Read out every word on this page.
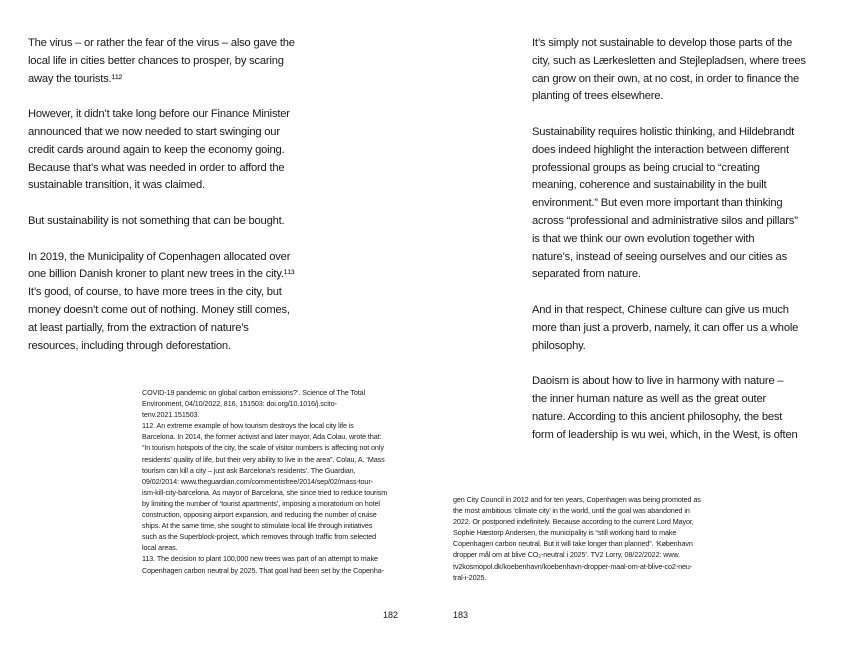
The virus – or rather the fear of the virus – also gave the
local life in cities better chances to prosper, by scaring
away the tourists.¹¹²

However, it didn’t take long before our Finance Minister
announced that we now needed to start swinging our
credit cards around again to keep the economy going.
Because that’s what was needed in order to afford the
sustainable transition, it was claimed.

But sustainability is not something that can be bought.

In 2019, the Municipality of Copenhagen allocated over
one billion Danish kroner to plant new trees in the city.¹¹³
It’s good, of course, to have more trees in the city, but
money doesn’t come out of nothing. Money still comes,
at least partially, from the extraction of nature’s
resources, including through deforestation.

COVID-19 pandemic on global carbon emissions?’. Science of The Total
Environment, 04/10/2022, 816, 151503: doi.org/10.1016/j.scito-
tenv.2021.151503.
112. An extreme example of how tourism destroys the local city life is
Barcelona. In 2014, the former activist and later mayor, Ada Colau, wrote that:
“In tourism hotspots of the city, the scale of visitor numbers is affecting not only
residents’ quality of life, but their very ability to live in the area”. Colau, A. ‘Mass
tourism can kill a city – just ask Barcelona’s residents’. The Guardian,
09/02/2014: www.theguardian.com/commentisfree/2014/sep/02/mass-tour-
ism-kill-city-barcelona. As mayor of Barcelona, she since tried to reduce tourism
by limiting the number of ‘tourist apartments’, imposing a moratorium on hotel
construction, opposing airport expansion, and reducing the number of cruise
ships. At the same time, she sought to stimulate local life through initiatives
such as the Superblock-project, which removes through traffic from selected
local areas.
113. The decision to plant 100,000 new trees was part of an attempt to make
Copenhagen carbon neutral by 2025. That goal had been set by the Copenha-
182

It’s simply not sustainable to develop those parts of the
city, such as Lærkesletten and Stejlepladsen, where trees
can grow on their own, at no cost, in order to finance the
planting of trees elsewhere.

Sustainability requires holistic thinking, and Hildebrandt
does indeed highlight the interaction between different
professional groups as being crucial to “creating
meaning, coherence and sustainability in the built
environment.” But even more important than thinking
across “professional and administrative silos and pillars”
is that we think our own evolution together with
nature’s, instead of seeing ourselves and our cities as
separated from nature.

And in that respect, Chinese culture can give us much
more than just a proverb, namely, it can offer us a whole
philosophy.

Daoism is about how to live in harmony with nature –
the inner human nature as well as the great outer
nature. According to this ancient philosophy, the best
form of leadership is wu wei, which, in the West, is often

gen City Council in 2012 and for ten years, Copenhagen was being promoted as
the most ambitious ‘climate city’ in the world, until the goal was abandoned in
2022. Or postponed indefinitely. Because according to the current Lord Mayor,
Sophie Hæstorp Andersen, the municipality is “still working hard to make
Copenhagen carbon neutral. But it will take longer than planned”. ‘København
dropper mål om at blive CO₂-neutral i 2025’. TV2 Lorry, 08/22/2022: www.
tv2kosmopol.dk/koebenhavn/koebenhavn-dropper-maal-om-at-blive-co2-neu-
tral-i-2025.
183
